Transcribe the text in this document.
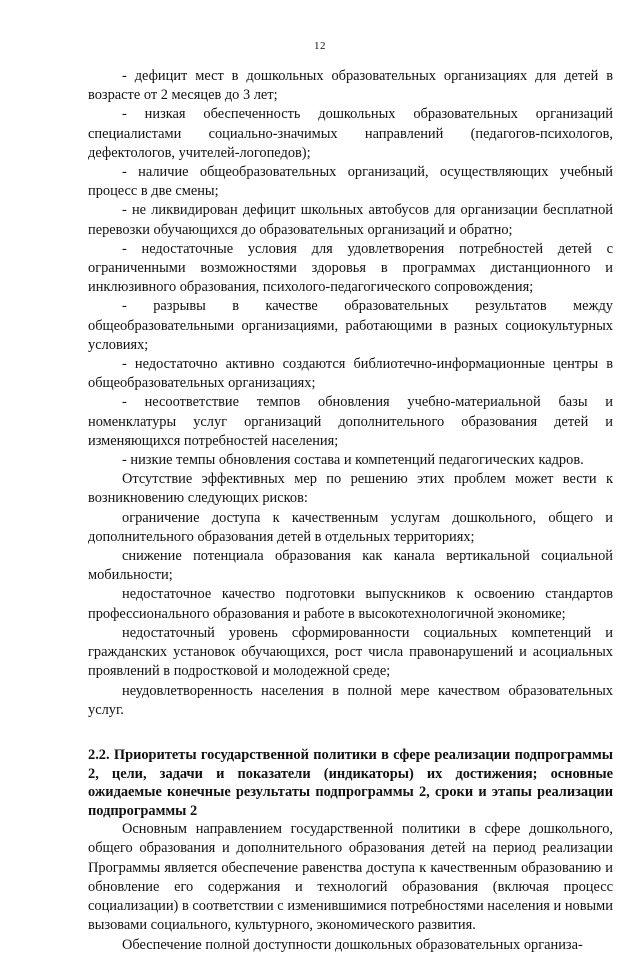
12

- дефицит мест в дошкольных образовательных организациях для детей в возрасте от 2 месяцев до 3 лет;

- низкая обеспеченность дошкольных образовательных организаций специалистами социально-значимых направлений (педагогов-психологов, дефектологов, учителей-логопедов);

- наличие общеобразовательных организаций, осуществляющих учебный процесс в две смены;

- не ликвидирован дефицит школьных автобусов для организации бесплатной перевозки обучающихся до образовательных организаций и обратно;

- недостаточные условия для удовлетворения потребностей детей с ограниченными возможностями здоровья в программах дистанционного и инклюзивного образования, психолого-педагогического сопровождения;

- разрывы в качестве образовательных результатов между общеобразовательными организациями, работающими в разных социокультурных условиях;

- недостаточно активно создаются библиотечно-информационные центры в общеобразовательных организациях;

- несоответствие темпов обновления учебно-материальной базы и номенклатуры услуг организаций дополнительного образования детей и изменяющихся потребностей населения;

- низкие темпы обновления состава и компетенций педагогических кадров.

Отсутствие эффективных мер по решению этих проблем может вести к возникновению следующих рисков:

ограничение доступа к качественным услугам дошкольного, общего и дополнительного образования детей в отдельных территориях;

снижение потенциала образования как канала вертикальной социальной мобильности;

недостаточное качество подготовки выпускников к освоению стандартов профессионального образования и работе в высокотехнологичной экономике;

недостаточный уровень сформированности социальных компетенций и гражданских установок обучающихся, рост числа правонарушений и асоциальных проявлений в подростковой и молодежной среде;

неудовлетворенность населения в полной мере качеством образовательных услуг.

2.2. Приоритеты государственной политики в сфере реализации подпрограммы 2, цели, задачи и показатели (индикаторы) их достижения; основные ожидаемые конечные результаты подпрограммы 2, сроки и этапы реализации подпрограммы 2

Основным направлением государственной политики в сфере дошкольного, общего образования и дополнительного образования детей на период реализации Программы является обеспечение равенства доступа к качественным образованию и обновление его содержания и технологий образования (включая процесс социализации) в соответствии с изменившимися потребностями населения и новыми вызовами социального, культурного, экономического развития.

Обеспечение полной доступности дошкольных образовательных организа-
